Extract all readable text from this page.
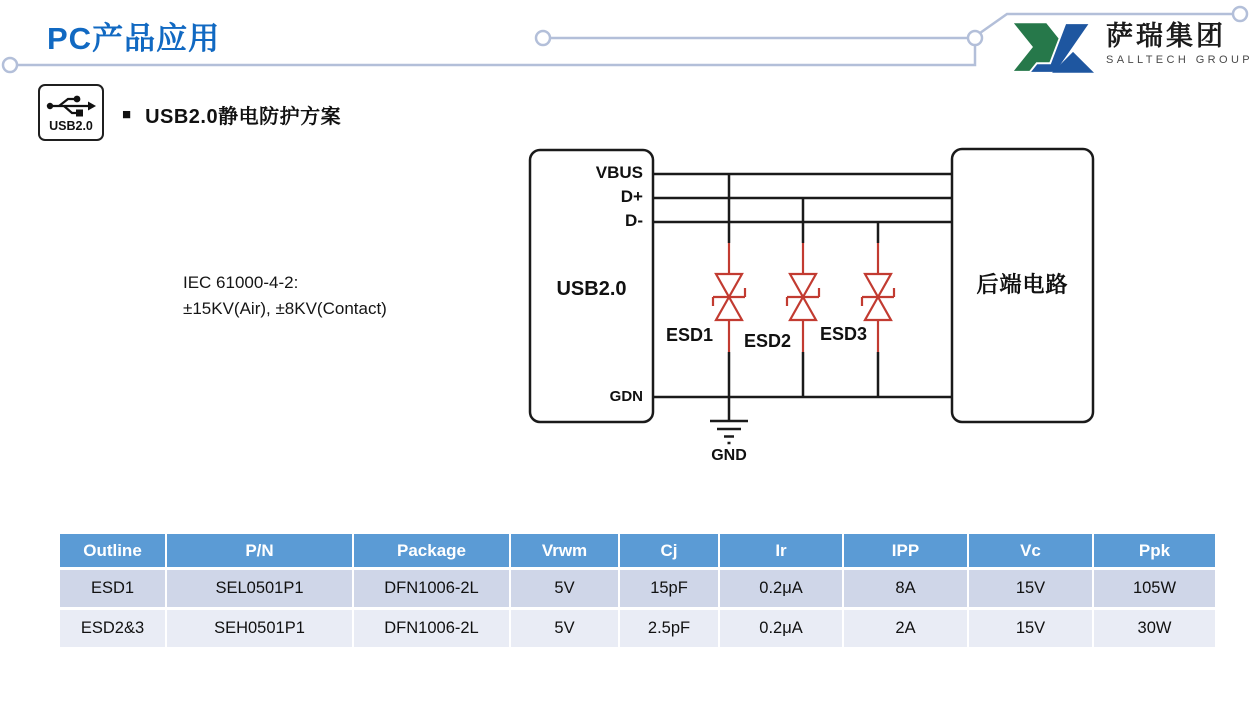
PC产品应用	萨瑞集团
SALLTECH GROUP
USB2.0
■ USB2.0静电防护方案
IEC 61000-4-2:
±15KV(Air), ±8KV(Contact)
VBUS
D+
D-
GDN
USB2.0	后端电路
ESD1 ESD2 ESD3
GND
Outline	P/N	Package	Vrwm	Cj	Ir	IPP	Vc	Ppk
ESD1	SEL0501P1	DFN1006-2L	5V	15pF	0.2μA	8A	15V	105W
ESD2&3	SEH0501P1	DFN1006-2L	5V	2.5pF	0.2μA	2A	15V	30W
